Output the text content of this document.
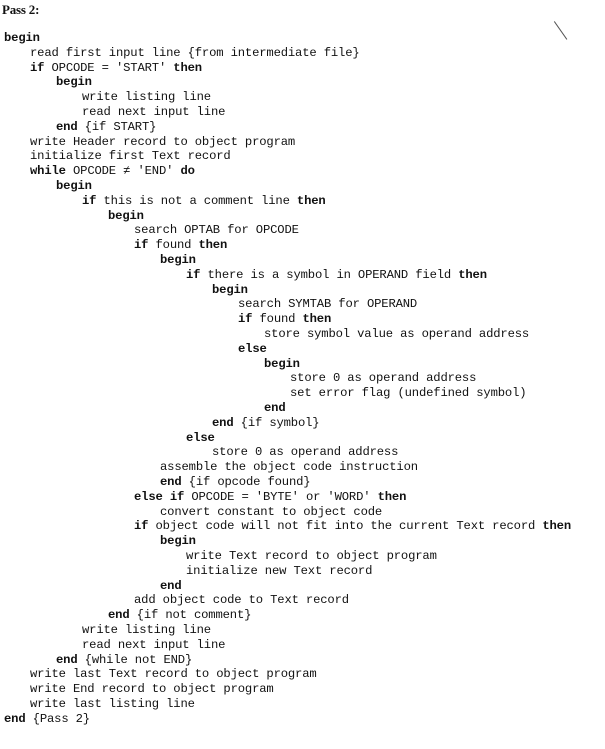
Pass 2:
begin
read first input line {from intermediate file}
if OPCODE = 'START' then
begin
write listing line
read next input line
end {if START}
write Header record to object program
initialize first Text record
while OPCODE ≠ 'END' do
begin
if this is not a comment line then
begin
search OPTAB for OPCODE
if found then
begin
if there is a symbol in OPERAND field then
begin
search SYMTAB for OPERAND
if found then
store symbol value as operand address
else
begin
store 0 as operand address
set error flag (undefined symbol)
end
end {if symbol}
else
store 0 as operand address
assemble the object code instruction
end {if opcode found}
else if OPCODE = 'BYTE' or 'WORD' then
convert constant to object code
if object code will not fit into the current Text record then
begin
write Text record to object program
initialize new Text record
end
add object code to Text record
end {if not comment}
write listing line
read next input line
end {while not END}
write last Text record to object program
write End record to object program
write last listing line
end {Pass 2}
